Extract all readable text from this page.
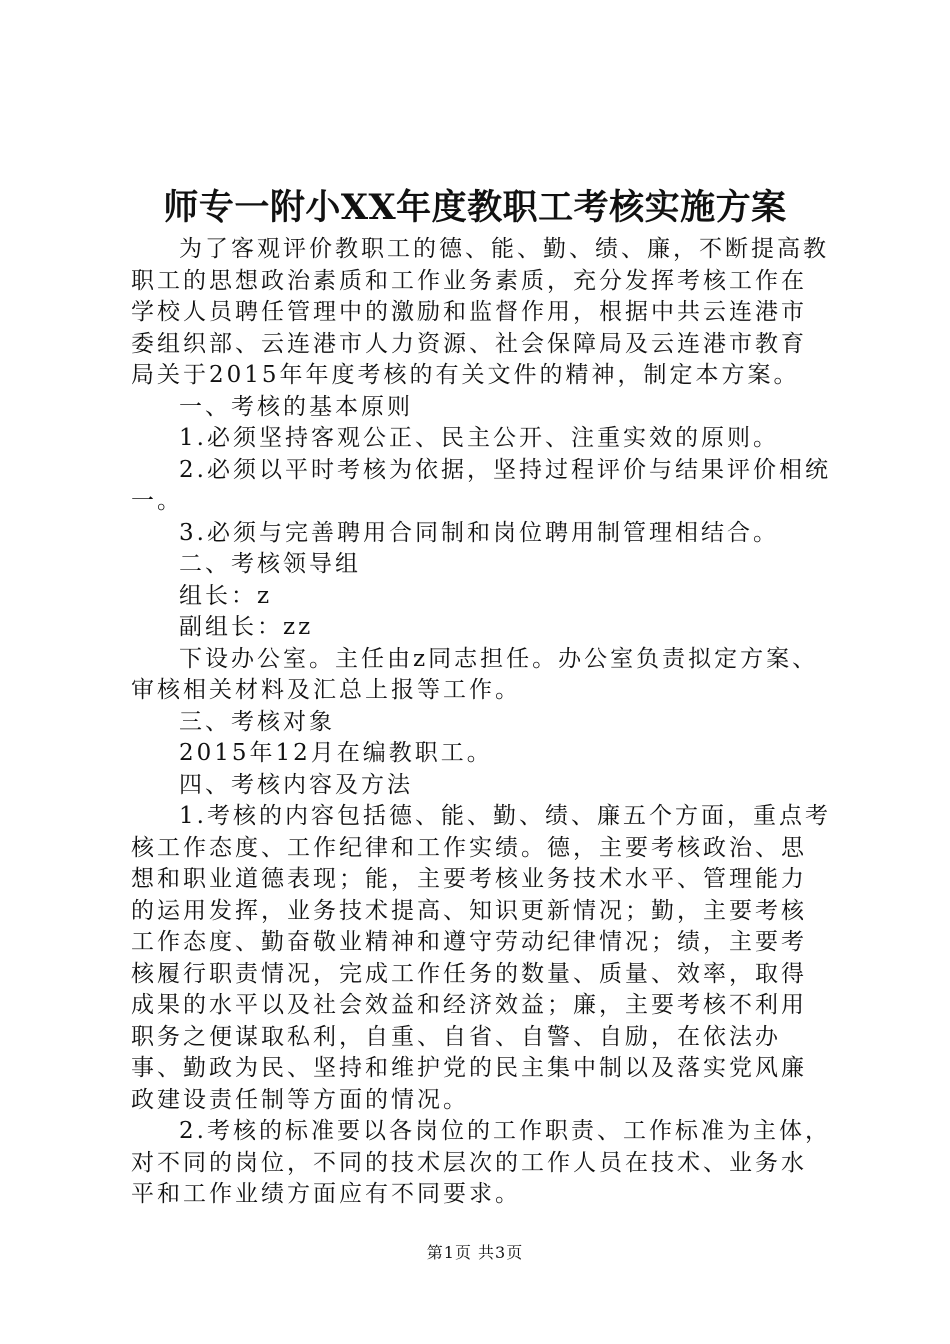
师专一附小XX年度教职工考核实施方案

为了客观评价教职工的德、能、勤、绩、廉，不断提高教职工的思想政治素质和工作业务素质，充分发挥考核工作在学校人员聘任管理中的激励和监督作用，根据中共云连港市委组织部、云连港市人力资源、社会保障局及云连港市教育局关于2015年年度考核的有关文件的精神，制定本方案。

一、考核的基本原则

1.必须坚持客观公正、民主公开、注重实效的原则。

2.必须以平时考核为依据，坚持过程评价与结果评价相统一。

3.必须与完善聘用合同制和岗位聘用制管理相结合。

二、考核领导组

组长：z

副组长：zz

下设办公室。主任由z同志担任。办公室负责拟定方案、审核相关材料及汇总上报等工作。

三、考核对象

2015年12月在编教职工。

四、考核内容及方法

1.考核的内容包括德、能、勤、绩、廉五个方面，重点考核工作态度、工作纪律和工作实绩。德，主要考核政治、思想和职业道德表现；能，主要考核业务技术水平、管理能力的运用发挥，业务技术提高、知识更新情况；勤，主要考核工作态度、勤奋敬业精神和遵守劳动纪律情况；绩，主要考核履行职责情况，完成工作任务的数量、质量、效率，取得成果的水平以及社会效益和经济效益；廉，主要考核不利用职务之便谋取私利，自重、自省、自警、自励，在依法办事、勤政为民、坚持和维护党的民主集中制以及落实党风廉政建设责任制等方面的情况。

2.考核的标准要以各岗位的工作职责、工作标准为主体，对不同的岗位，不同的技术层次的工作人员在技术、业务水平和工作业绩方面应有不同要求。

第1页 共3页
